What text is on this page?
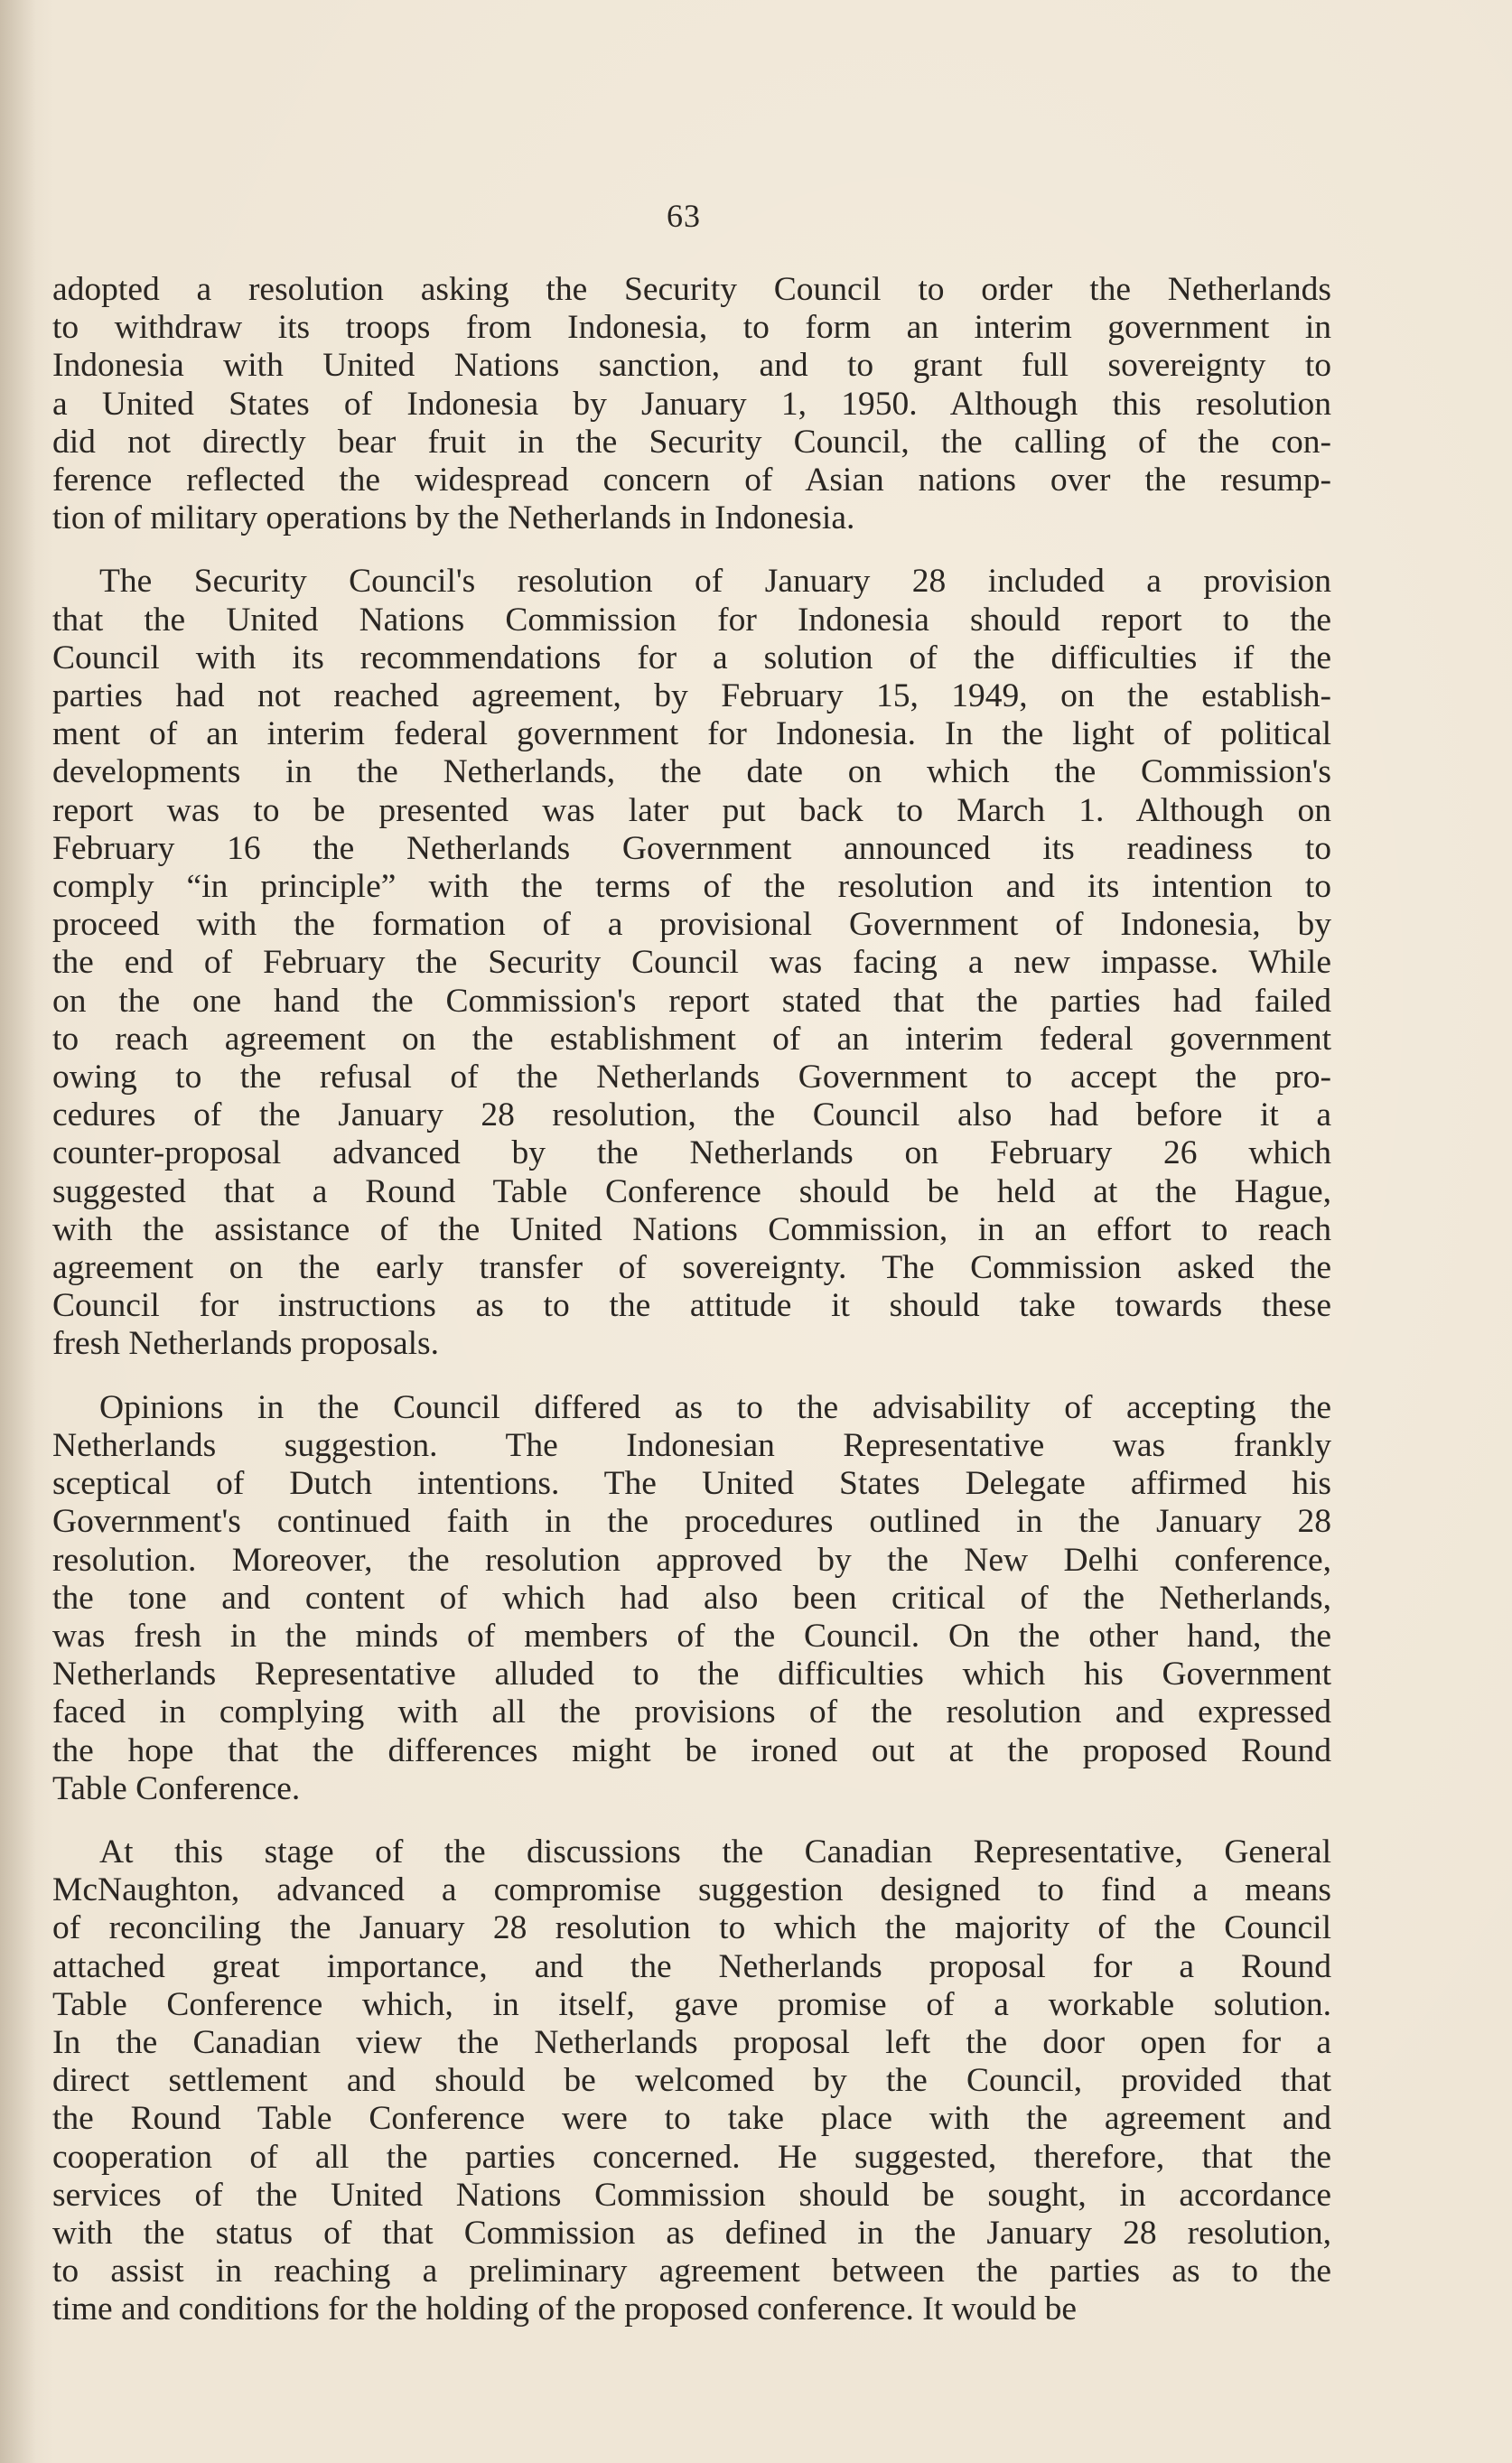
63

adopted a resolution asking the Security Council to order the Netherlands
to withdraw its troops from Indonesia, to form an interim government in
Indonesia with United Nations sanction, and to grant full sovereignty to
a United States of Indonesia by January 1, 1950. Although this resolution
did not directly bear fruit in the Security Council, the calling of the con-
ference reflected the widespread concern of Asian nations over the resump-
tion of military operations by the Netherlands in Indonesia.

The Security Council's resolution of January 28 included a provision
that the United Nations Commission for Indonesia should report to the
Council with its recommendations for a solution of the difficulties if the
parties had not reached agreement, by February 15, 1949, on the establish-
ment of an interim federal government for Indonesia. In the light of political
developments in the Netherlands, the date on which the Commission's
report was to be presented was later put back to March 1. Although on
February 16 the Netherlands Government announced its readiness to
comply “in principle” with the terms of the resolution and its intention to
proceed with the formation of a provisional Government of Indonesia, by
the end of February the Security Council was facing a new impasse. While
on the one hand the Commission's report stated that the parties had failed
to reach agreement on the establishment of an interim federal government
owing to the refusal of the Netherlands Government to accept the pro-
cedures of the January 28 resolution, the Council also had before it a
counter-proposal advanced by the Netherlands on February 26 which
suggested that a Round Table Conference should be held at the Hague,
with the assistance of the United Nations Commission, in an effort to reach
agreement on the early transfer of sovereignty. The Commission asked the
Council for instructions as to the attitude it should take towards these
fresh Netherlands proposals.

Opinions in the Council differed as to the advisability of accepting the
Netherlands suggestion. The Indonesian Representative was frankly
sceptical of Dutch intentions. The United States Delegate affirmed his
Government's continued faith in the procedures outlined in the January 28
resolution. Moreover, the resolution approved by the New Delhi conference,
the tone and content of which had also been critical of the Netherlands,
was fresh in the minds of members of the Council. On the other hand, the
Netherlands Representative alluded to the difficulties which his Government
faced in complying with all the provisions of the resolution and expressed
the hope that the differences might be ironed out at the proposed Round
Table Conference.

At this stage of the discussions the Canadian Representative, General
McNaughton, advanced a compromise suggestion designed to find a means
of reconciling the January 28 resolution to which the majority of the Council
attached great importance, and the Netherlands proposal for a Round
Table Conference which, in itself, gave promise of a workable solution.
In the Canadian view the Netherlands proposal left the door open for a
direct settlement and should be welcomed by the Council, provided that
the Round Table Conference were to take place with the agreement and
cooperation of all the parties concerned. He suggested, therefore, that the
services of the United Nations Commission should be sought, in accordance
with the status of that Commission as defined in the January 28 resolution,
to assist in reaching a preliminary agreement between the parties as to the
time and conditions for the holding of the proposed conference. It would be
